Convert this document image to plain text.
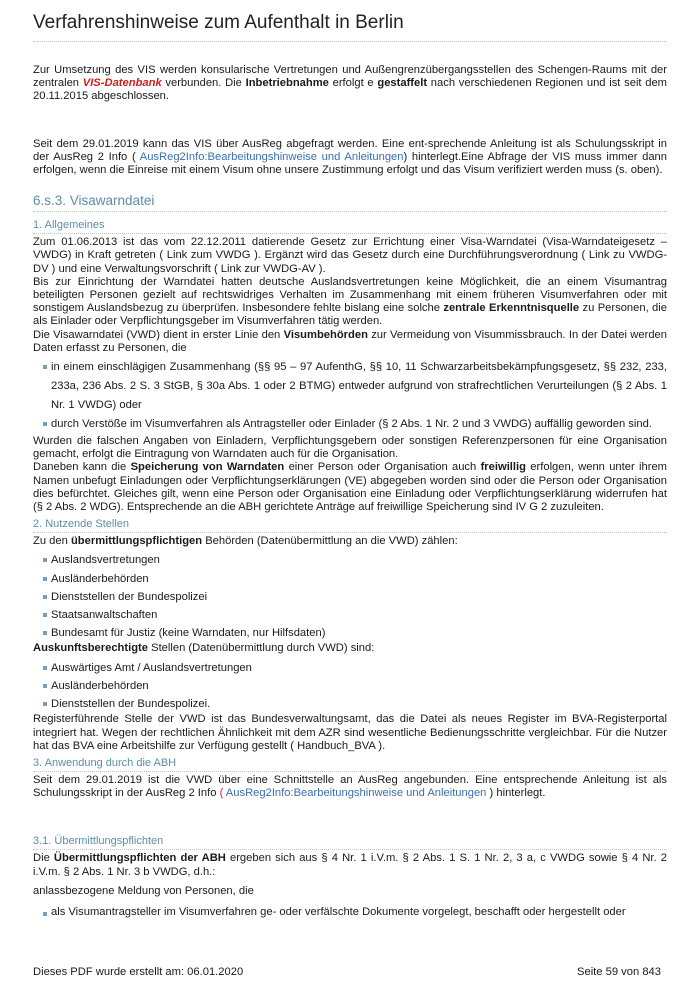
Verfahrenshinweise zum Aufenthalt in Berlin

Zur Umsetzung des VIS werden konsularische Vertretungen und Außengrenzübergangsstellen des Schengen-Raums mit der zentralen VIS-Datenbank verbunden. Die Inbetriebnahme erfolgt e gestaffelt nach verschiedenen Regionen und ist seit dem 20.11.2015 abgeschlossen.

Seit dem 29.01.2019 kann das VIS über AusReg abgefragt werden. Eine ent-sprechende Anleitung ist als Schulungsskript in der AusReg 2 Info ( AusReg2Info:Bearbeitungshinweise und Anleitungen) hinterlegt.Eine Abfrage der VIS muss immer dann erfolgen, wenn die Einreise mit einem Visum ohne unsere Zustimmung erfolgt und das Visum verifiziert werden muss (s. oben).

6.s.3. Visawarndatei
1. Allgemeines

Zum 01.06.2013 ist das vom 22.12.2011 datierende Gesetz zur Errichtung einer Visa-Warndatei (Visa-Warndateigesetz – VWDG) in Kraft getreten ( Link zum VWDG ). Ergänzt wird das Gesetz durch eine Durchführungsverordnung ( Link zu VWDG-DV ) und eine Verwaltungsvorschrift ( Link zur VWDG-AV ).

Bis zur Einrichtung der Warndatei hatten deutsche Auslandsvertretungen keine Möglichkeit, die an einem Visumantrag beteiligten Personen gezielt auf rechtswidriges Verhalten im Zusammenhang mit einem früheren Visumverfahren oder mit sonstigem Auslandsbezug zu überprüfen. Insbesondere fehlte bislang eine solche zentrale Erkenntnisquelle zu Personen, die als Einlader oder Verpflichtungsgeber im Visumverfahren tätig werden.

Die Visawarndatei (VWD) dient in erster Linie den Visumbehörden zur Vermeidung von Visummissbrauch. In der Datei werden Daten erfasst zu Personen, die

in einem einschlägigen Zusammenhang (§§ 95 – 97 AufenthG, §§ 10, 11 Schwarzarbeitsbekämpfungsgesetz, §§ 232, 233, 233a, 236 Abs. 2 S. 3 StGB, § 30a Abs. 1 oder 2 BTMG) entweder aufgrund von strafrechtlichen Verurteilungen (§ 2 Abs. 1 Nr. 1 VWDG) oder
durch Verstöße im Visumverfahren als Antragsteller oder Einlader (§ 2 Abs. 1 Nr. 2 und 3 VWDG) auffällig geworden sind.

Wurden die falschen Angaben von Einladern, Verpflichtungsgebern oder sonstigen Referenzpersonen für eine Organisation gemacht, erfolgt die Eintragung von Warndaten auch für die Organisation.

Daneben kann die Speicherung von Warndaten einer Person oder Organisation auch freiwillig erfolgen, wenn unter ihrem Namen unbefugt Einladungen oder Verpflichtungserklärungen (VE) abgegeben worden sind oder die Person oder Organisation dies befürchtet. Gleiches gilt, wenn eine Person oder Organisation eine Einladung oder Verpflichtungserklärung widerrufen hat (§ 2 Abs. 2 WDG). Entsprechende an die ABH gerichtete Anträge auf freiwillige Speicherung sind IV G 2 zuzuleiten.

2. Nutzende Stellen

Zu den übermittlungspflichtigen Behörden (Datenübermittlung an die VWD) zählen:

Auslandsvertretungen
Ausländerbehörden
Dienststellen der Bundespolizei
Staatsanwaltschaften
Bundesamt für Justiz (keine Warndaten, nur Hilfsdaten)

Auskunftsberechtigte Stellen (Datenübermittlung durch VWD) sind:

Auswärtiges Amt / Auslandsvertretungen
Ausländerbehörden
Dienststellen der Bundespolizei.

Registerführende Stelle der VWD ist das Bundesverwaltungsamt, das die Datei als neues Register im BVA-Registerportal integriert hat. Wegen der rechtlichen Ähnlichkeit mit dem AZR sind wesentliche Bedienungsschritte vergleichbar. Für die Nutzer hat das BVA eine Arbeitshilfe zur Verfügung gestellt ( Handbuch_BVA ).

3. Anwendung durch die ABH

Seit dem 29.01.2019 ist die VWD über eine Schnittstelle an AusReg angebunden. Eine entsprechende Anleitung ist als Schulungsskript in der AusReg 2 Info ( AusReg2Info:Bearbeitungshinweise und Anleitungen ) hinterlegt.

3.1. Übermittlungspflichten

Die Übermittlungspflichten der ABH ergeben sich aus § 4 Nr. 1 i.V.m. § 2 Abs. 1 S. 1 Nr. 2, 3 a, c VWDG sowie § 4 Nr. 2 i.V.m. § 2 Abs. 1 Nr. 3 b VWDG, d.h.:

anlassbezogene Meldung von Personen, die

als Visumantragsteller im Visumverfahren ge- oder verfälschte Dokumente vorgelegt, beschafft oder hergestellt oder
Dieses PDF wurde erstellt am: 06.01.2020	Seite 59 von 843
